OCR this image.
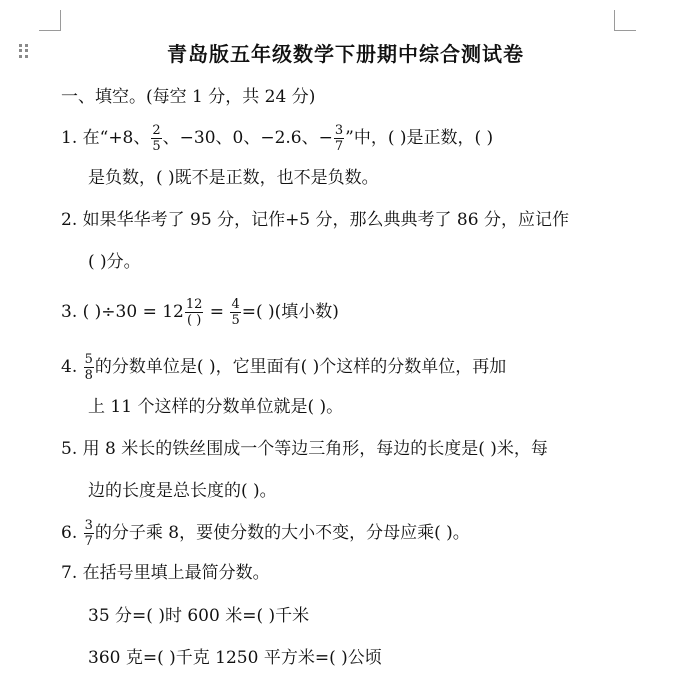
青岛版五年级数学下册期中综合测试卷
一、填空。(每空 1 分，共 24 分)
1. 在“+8、 $\frac{2}{5}$ 、−30、0、−2.6、− $\frac{3}{7}$ ”中，( )是正数，( )
是负数，( )既不是正数，也不是负数。
2. 如果华华考了 95 分，记作+5 分，那么典典考了 86 分，应记作
( )分。
3. ( )$\div 30 = 12 \frac{12}{( )} = \frac{4}{5}$ =( )(填小数)
4. $\frac{5}{8}$ 的分数单位是( )，它里面有( )个这样的分数单位，再加
上 11 个这样的分数单位就是( )。
5. 用 8 米长的铁丝围成一个等边三角形，每边的长度是( )米，每
边的长度是总长度的( )。
6. $\frac{3}{7}$ 的分子乘 8，要使分数的大小不变，分母应乘( )。
7. 在括号里填上最简分数。
35 分=( )时 600 米=( )千米
360 克=( )千克 1250 平方米=( )公顷
